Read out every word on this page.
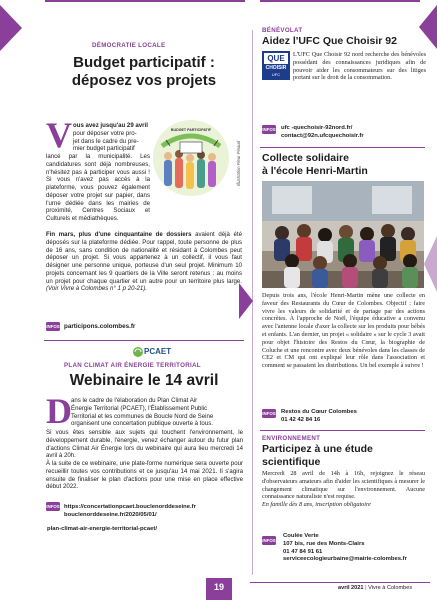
DÉMOCRATIE LOCALE
Budget participatif :
déposez vos projets
BUDGET PARTICIPATIF
Illustration Fleur Pinaud
V ous avez jusqu'au 29 avril
pour déposer votre pro-
jet dans le cadre du pre-
mier budget participatif
lancé par la municipalité. Les candidatures sont déjà nombreuses, n'hésitez pas à participer vous aussi ! Si vous n'avez pas accès à la plateforme, vous pouvez également déposer votre projet sur papier, dans l'urne dédiée dans les mairies de proximité, Centres Sociaux et Culturels et médiathèques.
Fin mars, plus d'une cinquantaine de dossiers avaient déjà été déposés sur la plateforme dédiée. Pour rappel, toute personne de plus de 16 ans, sans condition de nationalité et résidant à Colombes peut déposer un projet. Si vous appartenez à un collectif, il vous faut désigner une personne unique, porteuse d'un seul projet. Minimum 10 projets concernant les 9 quartiers de la Ville seront retenus : au moins un projet pour chaque quartier et un autre pour un territoire plus large. (Voir Vivre à Colombes n° 1 p 20-21).
INFOS participons.colombes.fr
PCAET
PLAN CLIMAT AIR ÉNERGIE TERRITORIAL
Webinaire le 14 avril
D ans le cadre de l'élaboration du Plan Climat Air
Énergie Territorial (PCAET), l'Établissement Public
Territorial et les communes de Boucle Nord de Seine
organisent une concertation publique ouverte à tous.
Si vous êtes sensible aux sujets qui touchent l'environnement, le développement durable, l'énergie, venez échanger autour du futur plan d'actions Climat Air Énergie lors du webinaire qui aura lieu mercredi 14 avril à 20h.
À la suite de ce webinaire, une plate-forme numérique sera ouverte pour recueillir toutes vos contributions et ce jusqu'au 14 mai 2021. Il s'agira ensuite de finaliser le plan d'actions pour une mise en place effective début 2022.
INFOS https://concertationpcaet.bouclenorddeseine.fr
bouclenorddeseine.fr/2020/05/01/
plan-climat-air-energie-territorial-pcaet/
BÉNÉVOLAT
Aidez l'UFC Que Choisir 92
QUE
CHOISIR
UFC
L'UFC Que Choisir 92 nord recherche des bénévoles possédant des connaissances juridiques afin de pouvoir aider les consommateurs sur des litiges portant sur le droit de la consommation.
INFOS ufc -quechoisir-92nord.fr/
contact@92n.ufcquechoisir.fr
Collecte solidaire
à l'école Henri-Martin
Depuis trois ans, l'école Henri-Martin mène une collecte en faveur des Restaurants du Cœur de Colombes. Objectif : faire vivre les valeurs de solidarité et de partage par des actions concrètes. À l'approche de Noël, l'équipe éducative a convenu avec l'antenne locale d'axer la collecte sur les produits pour bébés et enfants. L'an dernier, un projet « solidaire » sur le cycle 3 avait pour objet l'histoire des Restos du Cœur, la biographie de Coluche et une rencontre avec deux bénévoles dans les classes de CE2 et CM qui ont expliqué leur rôle dans l'association et comment se passaient les distributions. Un bel exemple à suivre !
INFOS Restos du Cœur Colombes
01 42 42 84 16
ENVIRONNEMENT
Participez à une étude
scientifique
Mercredi 28 avril de 14h à 16h, rejoignez le réseau d'observateurs amateurs afin d'aider les scientifiques à mesurer le changement climatique sur l'environnement. Aucune connaissance naturaliste n'est requise.
En famille dès 8 ans, inscription obligatoire
INFOS
Coulée Verte
107 bis, rue des Monts-Clairs
01 47 84 91 61
serviceecologieurbaine@mairie-colombes.fr
19	avril 2021 | Vivre à Colombes
